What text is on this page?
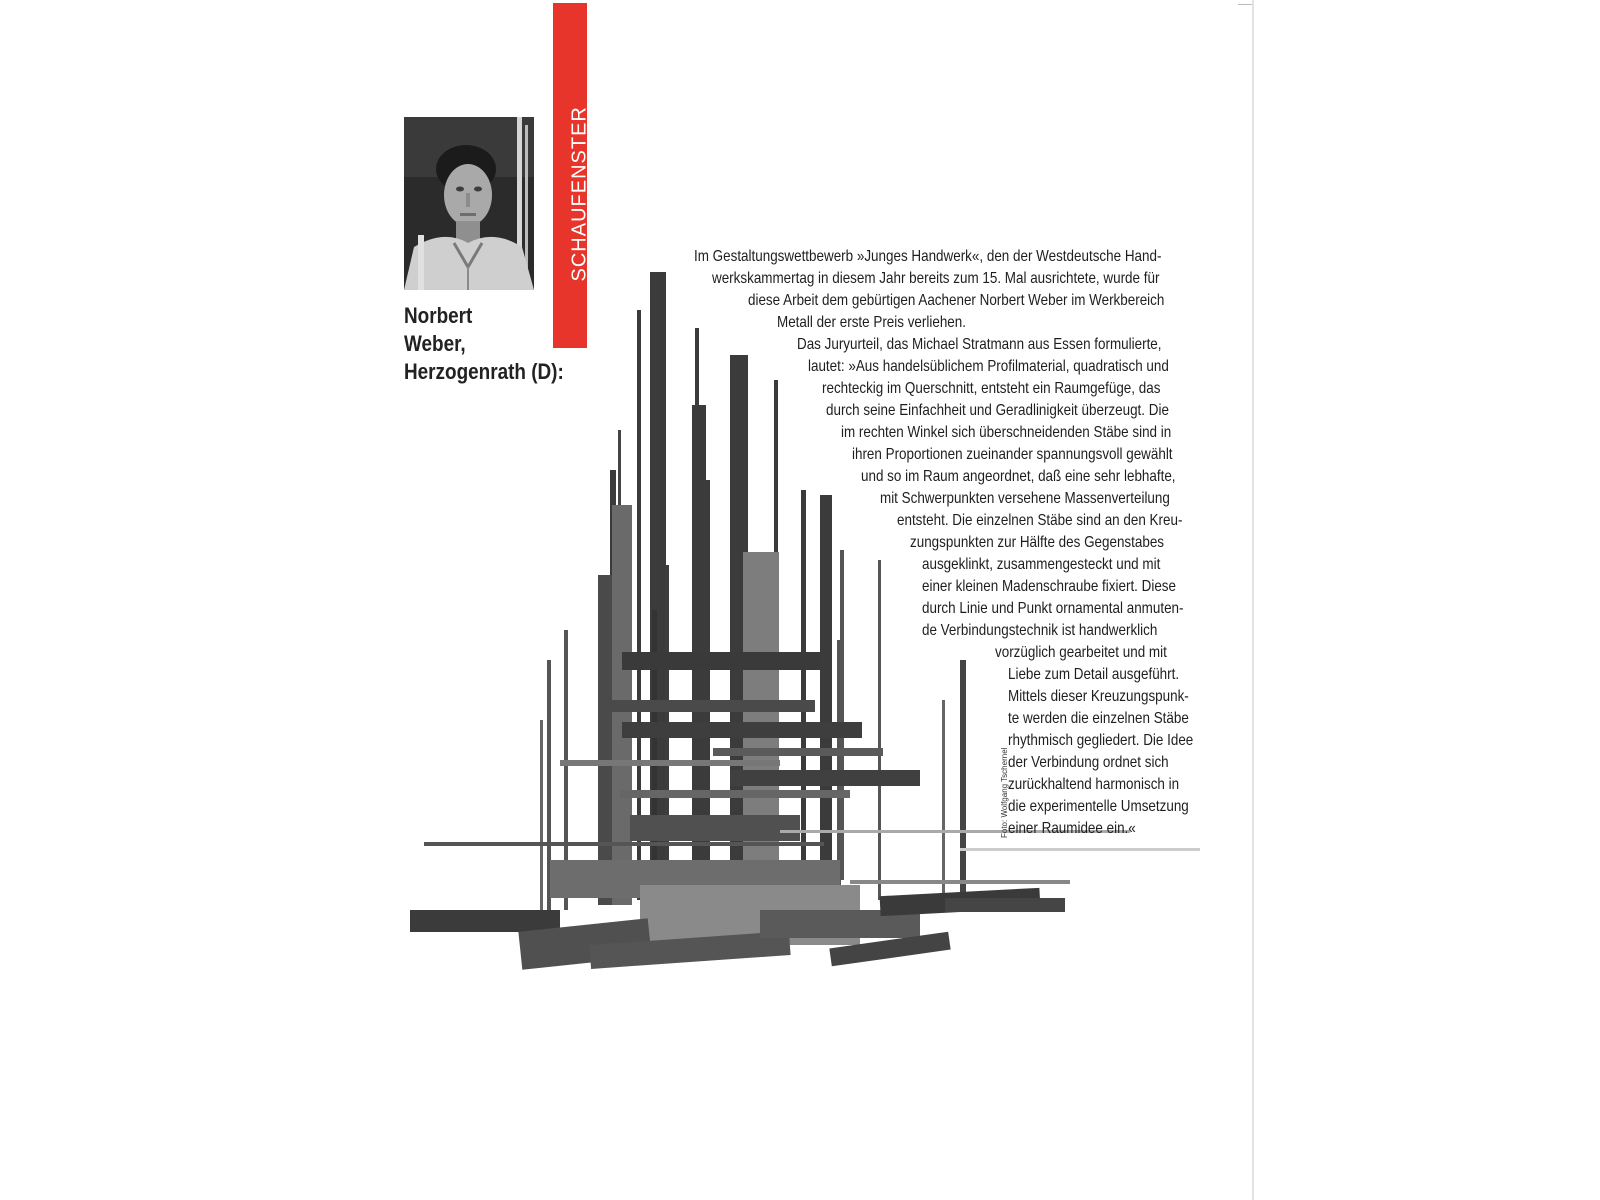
SCHAUFENSTER
Norbert
Weber,
Herzogenrath (D):
Im Gestaltungswettbewerb »Junges Handwerk«, den der Westdeutsche Hand-
werkskammertag in diesem Jahr bereits zum 15. Mal ausrichtete, wurde für
diese Arbeit dem gebürtigen Aachener Norbert Weber im Werkbereich
Metall der erste Preis verliehen.
Das Juryurteil, das Michael Stratmann aus Essen formulierte,
lautet: »Aus handelsüblichem Profilmaterial, quadratisch und
rechteckig im Querschnitt, entsteht ein Raumgefüge, das
durch seine Einfachheit und Geradlinigkeit überzeugt. Die
im rechten Winkel sich überschneidenden Stäbe sind in
ihren Proportionen zueinander spannungsvoll gewählt
und so im Raum angeordnet, daß eine sehr lebhafte,
mit Schwerpunkten versehene Massenverteilung
entsteht. Die einzelnen Stäbe sind an den Kreu-
zungspunkten zur Hälfte des Gegenstabes
ausgeklinkt, zusammengesteckt und mit
einer kleinen Madenschraube fixiert. Diese
durch Linie und Punkt ornamental anmuten-
de Verbindungstechnik ist handwerklich
vorzüglich gearbeitet und mit
Liebe zum Detail ausgeführt.
Mittels dieser Kreuzungspunk-
te werden die einzelnen Stäbe
rhythmisch gegliedert. Die Idee
der Verbindung ordnet sich
zurückhaltend harmonisch in
die experimentelle Umsetzung
einer Raumidee ein.«
Foto: Wolfgang Tschernel
